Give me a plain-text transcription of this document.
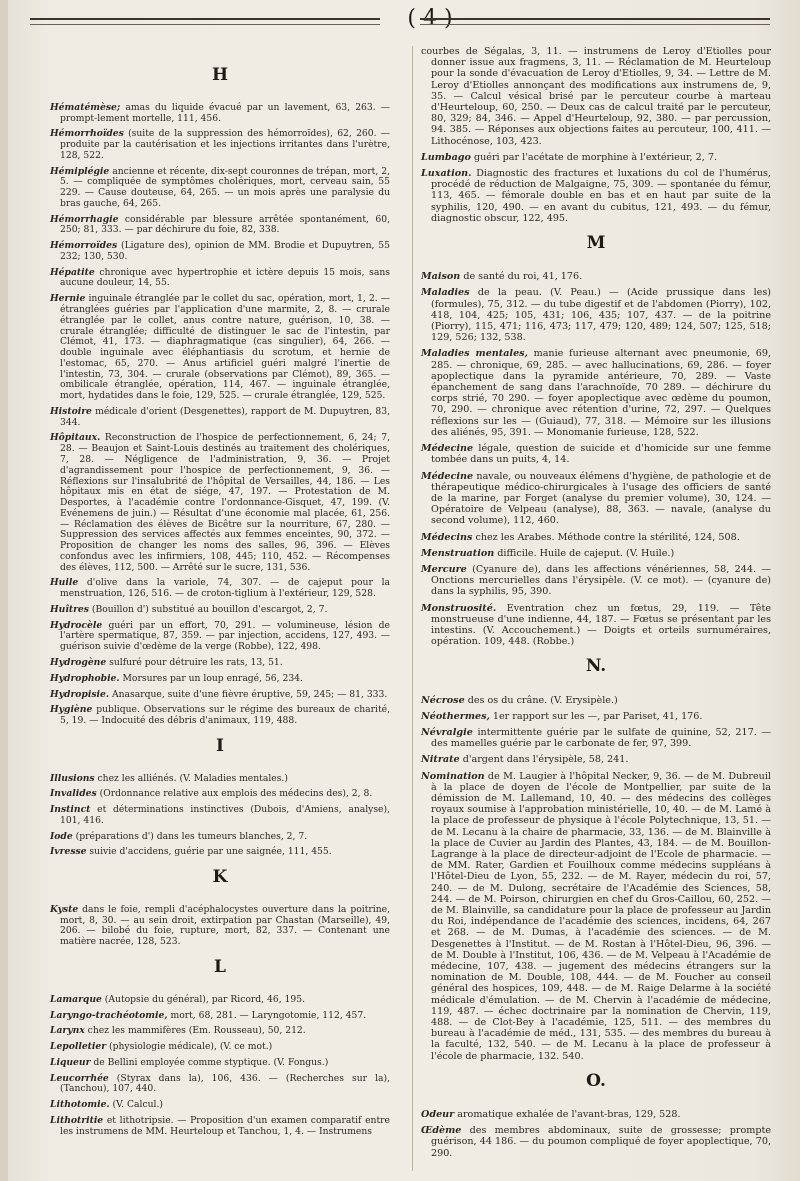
( 4 )
H

Hématémèse; amas du liquide évacué par un lavement, 63, 263. — prompt-lement mortelle, 111, 456.

Hémorrhoïdes (suite de la suppression des hémorroïdes), 62, 260. — produite par la cautérisation et les injections irritantes dans l'urètre, 128, 522.

Hémiplégie ancienne et récente, dix-sept couronnes de trépan, mort, 2, 5. — compliquée de symptômes cholériques, mort, cerveau sain, 55 229. — Cause douteuse, 64, 265. — un mois après une paralysie du bras gauche, 64, 265.

Hémorrhagie considérable par blessure arrêtée spontanément, 60, 250; 81, 333. — par déchirure du foie, 82, 338.

Hémorroïdes (Ligature des), opinion de MM. Brodie et Dupuytren, 55 232; 130, 530.

Hépatite chronique avec hypertrophie et ictère depuis 15 mois, sans aucune douleur, 14, 55.

Hernie inguinale étranglée par le collet du sac, opération, mort, 1, 2. — étranglées guéries par l'application d'une marmite, 2, 8. — crurale étranglée par le collet, anus contre nature, guérison, 10, 38. — crurale étranglée; difficulté de distinguer le sac de l'intestin, par Clémot, 41, 173. — diaphragmatique (cas singulier), 64, 266. — double inguinale avec éléphantiasis du scrotum, et hernie de l'estomac, 65, 270. — Anus artificiel guéri malgré l'inertie de l'intestin, 73, 304. — crurale (observations par Clémot), 89, 365. — ombilicale étranglée, opération, 114, 467. — inguinale étranglée, mort, hydatides dans le foie, 129, 525. — crurale étranglée, 129, 525.

Histoire médicale d'orient (Desgenettes), rapport de M. Dupuytren, 83, 344.

Hôpitaux. Reconstruction de l'hospice de perfectionnement, 6, 24; 7, 28. — Beaujon et Saint-Louis destinés au traitement des cholériques, 7, 28. — Négligence de l'administration, 9, 36. — Projet d'agrandissement pour l'hospice de perfectionnement, 9, 36. — Réflexions sur l'insalubrité de l'hôpital de Versailles, 44, 186. — Les hôpitaux mis en état de siége, 47, 197. — Protestation de M. Desportes, à l'académie contre l'ordonnance-Gisquet, 47, 199. (V. Evénemens de juin.) — Résultat d'une économie mal placée, 61, 256. — Réclamation des élèves de Bicêtre sur la nourriture, 67, 280. — Suppression des services affectés aux femmes enceintes, 90, 372. — Proposition de changer les noms des salles, 96, 396. — Elèves confondus avec les infirmiers, 108, 445; 110, 452. — Récompenses des élèves, 112, 500. — Arrêté sur le sucre, 131, 536.

Huile d'olive dans la variole, 74, 307. — de cajeput pour la menstruation, 126, 516. — de croton-tiglium à l'extérieur, 129, 528.

Huîtres (Bouillon d') substitué au bouillon d'escargot, 2, 7.

Hydrocèle guéri par un effort, 70, 291. — volumineuse, lésion de l'artère spermatique, 87, 359. — par injection, accidens, 127, 493. — guérison suivie d'œdème de la verge (Robbe), 122, 498.

Hydrogène sulfuré pour détruire les rats, 13, 51.

Hydrophobie. Morsures par un loup enragé, 56, 234.

Hydropisie. Anasarque, suite d'une fièvre éruptive, 59, 245; — 81, 333.

Hygiène publique. Observations sur le régime des bureaux de charité, 5, 19. — Indocuité des débris d'animaux, 119, 488.

I

Illusions chez les alliénés. (V. Maladies mentales.)

Invalides (Ordonnance relative aux emplois des médecins des), 2, 8.

Instinct et déterminations instinctives (Dubois, d'Amiens, analyse), 101, 416.

Iode (préparations d') dans les tumeurs blanches, 2, 7.

Ivresse suivie d'accidens, guérie par une saignée, 111, 455.

K

Kyste dans le foie, rempli d'acéphalocystes ouverture dans la poitrine, mort, 8, 30. — au sein droit, extirpation par Chastan (Marseille), 49, 206. — bilobé du foie, rupture, mort, 82, 337. — Contenant une matière nacrée, 128, 523.

L

Lamarque (Autopsie du général), par Ricord, 46, 195.

Laryngo-trachéotomie, mort, 68, 281. — Laryngotomie, 112, 457.

Larynx chez les mammifères (Em. Rousseau), 50, 212.

Lepolletier (physiologie médicale), (V. ce mot.)

Liqueur de Bellini employée comme styptique. (V. Fongus.)

Leucorrhée (Styrax dans la), 106, 436. — (Recherches sur la), (Tanchou), 107, 440.

Lithotomie. (V. Calcul.)

Lithotritie et lithotripsie. — Proposition d'un examen comparatif entre les instrumens de MM. Heurteloup et Tanchou, 1, 4. — Instrumens

courbes de Ségalas, 3, 11. — instrumens de Leroy d'Etiolles pour donner issue aux fragmens, 3, 11. — Réclamation de M. Heurteloup pour la sonde d'évacuation de Leroy d'Etiolles, 9, 34. — Lettre de M. Leroy d'Etiolles annonçant des modifications aux instrumens de, 9, 35. — Calcul vésical brisé par le percuteur courbe à marteau d'Heurteloup, 60, 250. — Deux cas de calcul traité par le percuteur, 80, 329; 84, 346. — Appel d'Heurteloup, 92, 380. — par percussion, 94. 385. — Réponses aux objections faites au percuteur, 100, 411. — Lithocénose, 103, 423.

Lumbago guéri par l'acétate de morphine à l'extérieur, 2, 7.

Luxation. Diagnostic des fractures et luxations du col de l'humérus, procédé de réduction de Malgaigne, 75, 309. — spontanée du fémur, 113, 465. — fémorale double en bas et en haut par suite de la syphilis, 120, 490. — en avant du cubitus, 121, 493. — du fémur, diagnostic obscur, 122, 495.

M

Maison de santé du roi, 41, 176.

Maladies de la peau. (V. Peau.) — (Acide prussique dans les) (formules), 75, 312. — du tube digestif et de l'abdomen (Piorry), 102, 418, 104, 425; 105, 431; 106, 435; 107, 437. — de la poitrine (Piorry), 115, 471; 116, 473; 117, 479; 120, 489; 124, 507; 125, 518; 129, 526; 132, 538.

Maladies mentales, manie furieuse alternant avec pneumonie, 69, 285. — chronique, 69, 285. — avec hallucinations, 69, 286. — foyer apoplectique dans la pyramide antérieure, 70, 289. — Vaste épanchement de sang dans l'arachnoïde, 70 289. — déchirure du corps strié, 70 290. — foyer apoplectique avec œdème du poumon, 70, 290. — chronique avec rétention d'urine, 72, 297. — Quelques réflexions sur les — (Guiaud), 77, 318. — Mémoire sur les illusions des aliénés, 95, 391. — Monomanie furieuse, 128, 522.

Médecine légale, question de suicide et d'homicide sur une femme tombée dans un puits, 4, 14.

Médecine navale, ou nouveaux élémens d'hygiène, de pathologie et de thérapeutique médico-chirurgicales à l'usage des officiers de santé de la marine, par Forget (analyse du premier volume), 30, 124. — Opératoire de Velpeau (analyse), 88, 363. — navale, (analyse du second volume), 112, 460.

Médecins chez les Arabes. Méthode contre la stérilité, 124, 508.

Menstruation difficile. Huile de cajeput. (V. Huile.)

Mercure (Cyanure de), dans les affections vénériennes, 58, 244. — Onctions mercurielles dans l'érysipèle. (V. ce mot). — (cyanure de) dans la syphilis, 95, 390.

Monstruosité. Eventration chez un fœtus, 29, 119. — Tête monstrueuse d'une indienne, 44, 187. — Fœtus se présentant par les intestins. (V. Accouchement.) — Doigts et orteils surnuméraires, opération. 109, 448. (Robbe.)

N.

Nécrose des os du crâne. (V. Erysipèle.)

Néothermes, 1er rapport sur les —, par Pariset, 41, 176.

Névralgie intermittente guérie par le sulfate de quinine, 52, 217. — des mamelles guérie par le carbonate de fer, 97, 399.

Nitrate d'argent dans l'érysipèle, 58, 241.

Nomination de M. Laugier à l'hôpital Necker, 9, 36. — de M. Dubreuil à la place de doyen de l'école de Montpellier, par suite de la démission de M. Lallemand, 10, 40. — des médecins des collèges royaux soumise à l'approbation ministérielle, 10, 40. — de M. Lamé à la place de professeur de physique à l'école Polytechnique, 13, 51. — de M. Lecanu à la chaire de pharmacie, 33, 136. — de M. Blainville à la place de Cuvier au Jardin des Plantes, 43, 184. — de M. Bouillon-Lagrange à la place de directeur-adjoint de l'Ecole de pharmacie. — de MM. Rater, Gardien et Fouilhoux comme médecins suppléans à l'Hôtel-Dieu de Lyon, 55, 232. — de M. Rayer, médecin du roi, 57, 240. — de M. Dulong, secrétaire de l'Académie des Sciences, 58, 244. — de M. Poirson, chirurgien en chef du Gros-Caillou, 60, 252. — de M. Blainville, sa candidature pour la place de professeur au Jardin du Roi, indépendance de l'académie des sciences, incidens, 64, 267 et 268. — de M. Dumas, à l'académie des sciences. — de M. Desgenettes à l'Institut. — de M. Rostan à l'Hôtel-Dieu, 96, 396. — de M. Double à l'Institut, 106, 436. — de M. Velpeau à l'Académie de médecine, 107, 438. — jugement des médecins étrangers sur la nomination de M. Double, 108, 444. — de M. Foucher au conseil général des hospices, 109, 448. — de M. Raige Delarme à la société médicale d'émulation. — de M. Chervin à l'académie de médecine, 119, 487. — échec doctrinaire par la nomination de Chervin, 119, 488. — de Clot-Bey à l'académie, 125, 511. — des membres du bureau à l'académie de méd., 131, 535. — des membres du bureau à la faculté, 132, 540. — de M. Lecanu à la place de professeur à l'école de pharmacie, 132. 540.

O.

Odeur aromatique exhalée de l'avant-bras, 129, 528.

Œdème des membres abdominaux, suite de grossesse; prompte guérison, 44 186. — du poumon compliqué de foyer apoplectique, 70, 290.
